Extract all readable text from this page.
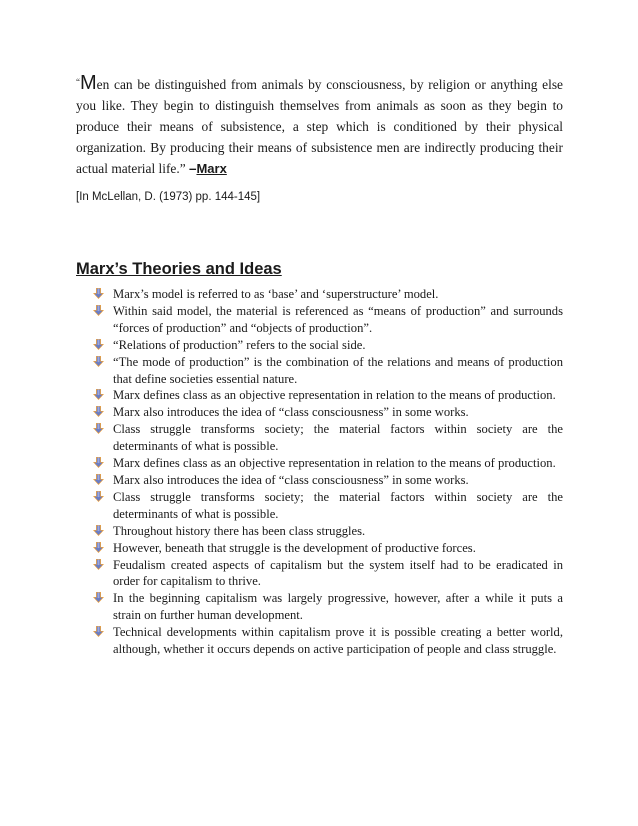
“Men can be distinguished from animals by consciousness, by religion or anything else you like. They begin to distinguish themselves from animals as soon as they begin to produce their means of subsistence, a step which is conditioned by their physical organization. By producing their means of subsistence men are indirectly producing their actual material life.” –Marx

[In McLellan, D. (1973) pp. 144-145]

Marx’s Theories and Ideas
Marx’s model is referred to as ‘base’ and ‘superstructure’ model.
Within said model, the material is referenced as “means of production” and surrounds “forces of production” and “objects of production”.
“Relations of production” refers to the social side.
“The mode of production” is the combination of the relations and means of production that define societies essential nature.
Marx defines class as an objective representation in relation to the means of production.
Marx also introduces the idea of “class consciousness” in some works.
Class struggle transforms society; the material factors within society are the determinants of what is possible.
Marx defines class as an objective representation in relation to the means of production.
Marx also introduces the idea of “class consciousness” in some works.
Class struggle transforms society; the material factors within society are the determinants of what is possible.
Throughout history there has been class struggles.
However, beneath that struggle is the development of productive forces.
Feudalism created aspects of capitalism but the system itself had to be eradicated in order for capitalism to thrive.
In the beginning capitalism was largely progressive, however, after a while it puts a strain on further human development.
Technical developments within capitalism prove it is possible creating a better world, although, whether it occurs depends on active participation of people and class struggle.
